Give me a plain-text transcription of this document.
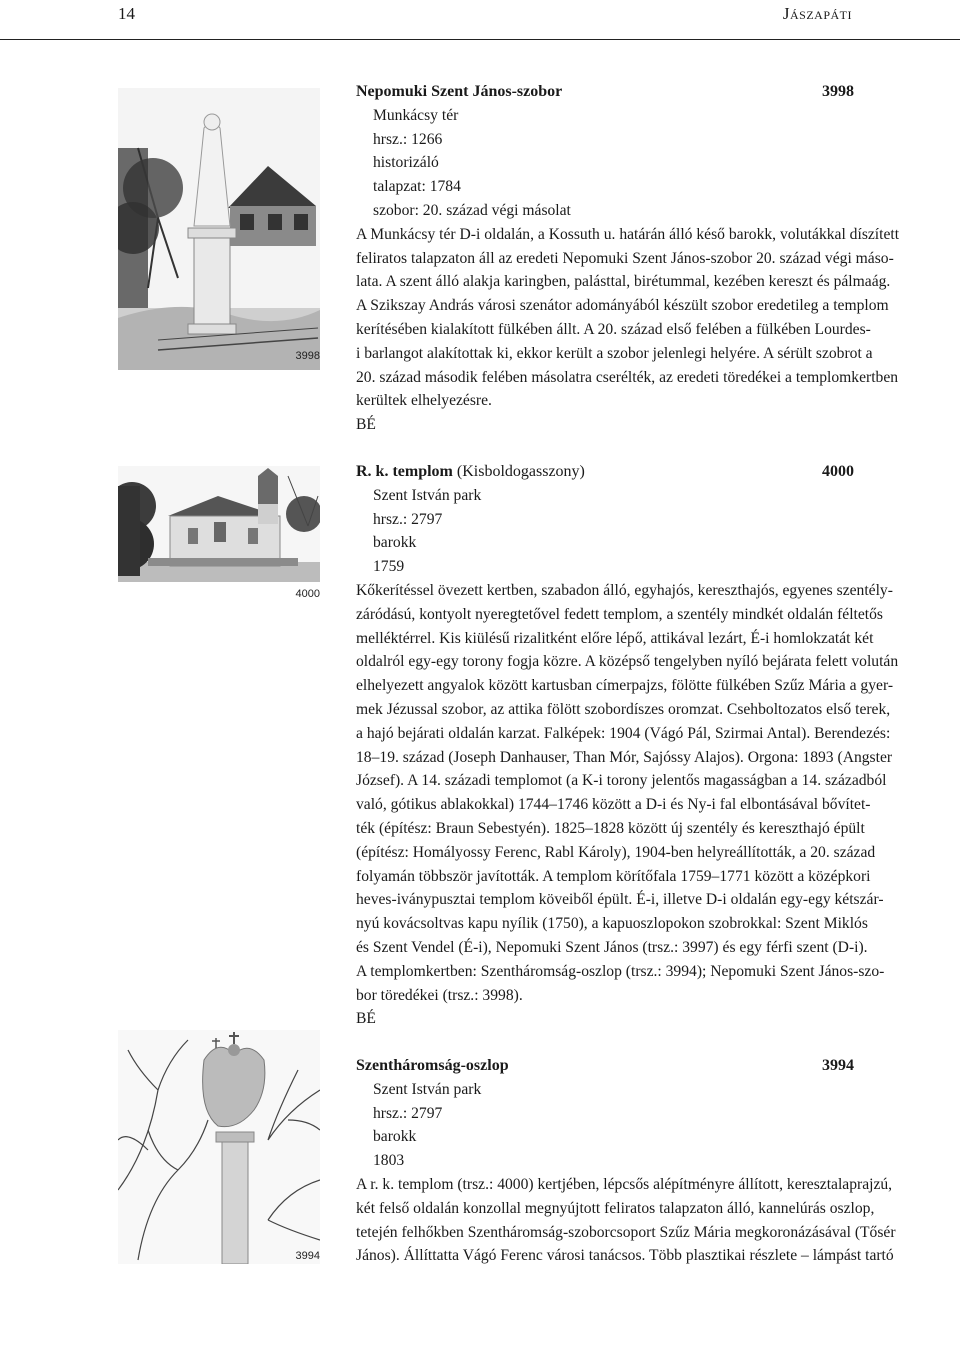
14	Jászapáti
3998
4000
3994
Nepomuki Szent János-szobor	3998
Munkácsy tér
hrsz.: 1266
historizáló
talapzat: 1784
szobor: 20. század végi másolat
A Munkácsy tér D-i oldalán, a Kossuth u. határán álló késő barokk, volutákkal díszített
feliratos talapzaton áll az eredeti Nepomuki Szent János-szobor 20. század végi máso-
lata. A szent álló alakja karingben, palásttal, birétummal, kezében kereszt és pálmaág.
A Szikszay András városi szenátor adományából készült szobor eredetileg a templom
kerítésében kialakított fülkében állt. A 20. század első felében a fülkében Lourdes-
i barlangot alakítottak ki, ekkor került a szobor jelenlegi helyére. A sérült szobrot a
20. század második felében másolatra cserélték, az eredeti töredékei a templomkertben
kerültek elhelyezésre.
BÉ
R. k. templom (Kisboldogasszony)	4000
Szent István park
hrsz.: 2797
barokk
1759
Kőkerítéssel övezett kertben, szabadon álló, egyhajós, kereszthajós, egyenes szentély-
záródású, kontyolt nyeregtetővel fedett templom, a szentély mindkét oldalán féltetős
melléktérrel. Kis kiülésű rizalitként előre lépő, attikával lezárt, É-i homlokzatát két
oldalról egy-egy torony fogja közre. A középső tengelyben nyíló bejárata felett volután
elhelyezett angyalok között kartusban címerpajzs, fölötte fülkében Szűz Mária a gyer-
mek Jézussal szobor, az attika fölött szobordíszes oromzat. Csehboltozatos első terek,
a hajó bejárati oldalán karzat. Falképek: 1904 (Vágó Pál, Szirmai Antal). Berendezés:
18–19. század (Joseph Danhauser, Than Mór, Sajóssy Alajos). Orgona: 1893 (Angster
József). A 14. századi templomot (a K-i torony jelentős magasságban a 14. századból
való, gótikus ablakokkal) 1744–1746 között a D-i és Ny-i fal elbontásával bővítet-
ték (építész: Braun Sebestyén). 1825–1828 között új szentély és kereszthajó épült
(építész: Homályossy Ferenc, Rabl Károly), 1904-ben helyreállították, a 20. század
folyamán többször javították. A templom körítőfala 1759–1771 között a középkori
heves-iványpusztai templom köveiből épült. É-i, illetve D-i oldalán egy-egy kétszár-
nyú kovácsoltvas kapu nyílik (1750), a kapuoszlopokon szobrokkal: Szent Miklós
és Szent Vendel (É-i), Nepomuki Szent János (trsz.: 3997) és egy férfi szent (D-i).
A templomkertben: Szentháromság-oszlop (trsz.: 3994); Nepomuki Szent János-szo-
bor töredékei (trsz.: 3998).
BÉ
Szentháromság-oszlop	3994
Szent István park
hrsz.: 2797
barokk
1803
A r. k. templom (trsz.: 4000) kertjében, lépcsős alépítményre állított, keresztalaprajzú,
két felső oldalán konzollal megnyújtott feliratos talapzaton álló, kannelúrás oszlop,
tetején felhőkben Szentháromság-szoborcsoport Szűz Mária megkoronázásával (Tősér
János). Állíttatta Vágó Ferenc városi tanácsos. Több plasztikai részlete – lámpást tartó
